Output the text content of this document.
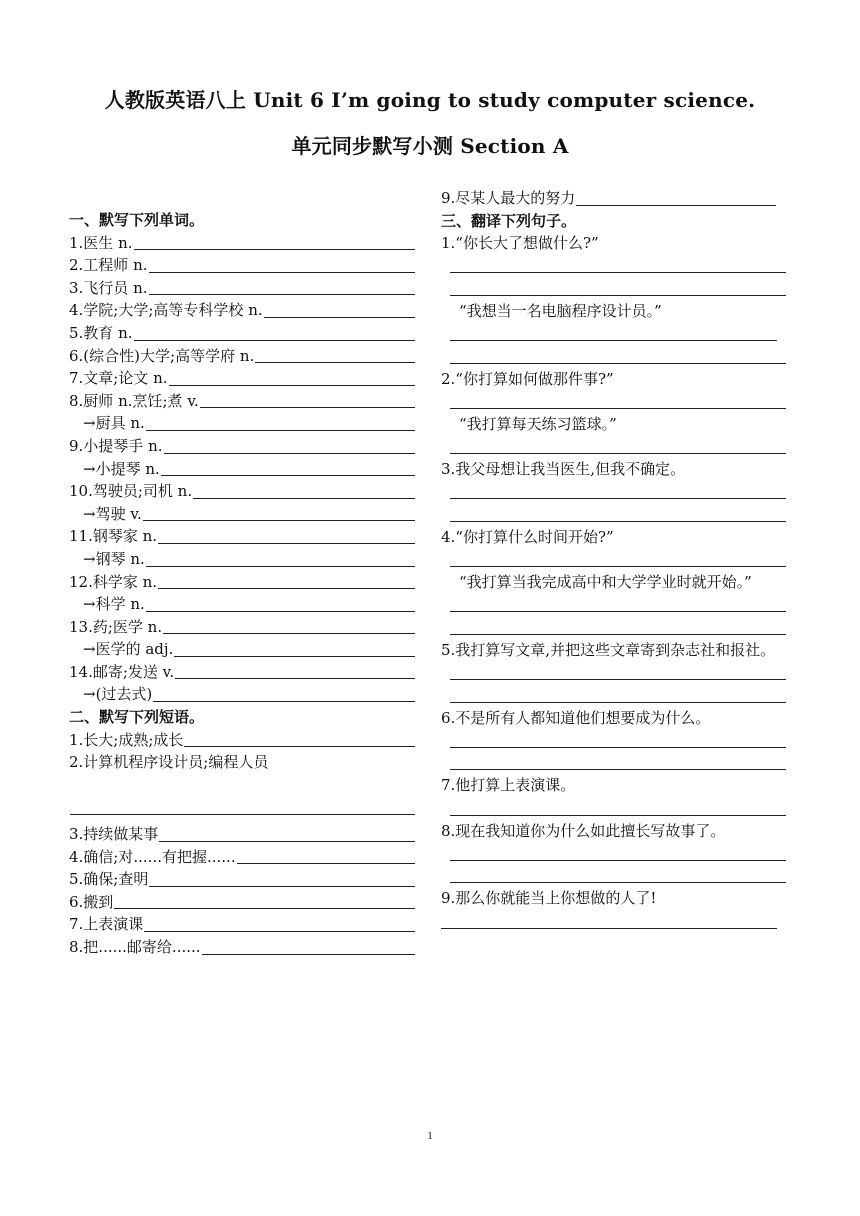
人教版英语八上 Unit 6 I’m going to study computer science.
单元同步默写小测 Section A
一、默写下列单词。
1.医生 n.
2.工程师 n.
3.飞行员 n.
4.学院;大学;高等专科学校 n.
5.教育 n.
6.(综合性)大学;高等学府 n.
7.文章;论文 n.
8.厨师 n.烹饪;煮 v.
→厨具 n.
9.小提琴手 n.
→小提琴 n.
10.驾驶员;司机 n.
→驾驶 v.
11.钢琴家 n.
→钢琴 n.
12.科学家 n.
→科学 n.
13.药;医学 n.
→医学的 adj.
14.邮寄;发送 v.
→(过去式)
二、默写下列短语。
1.长大;成熟;成长
2.计算机程序设计员;编程人员
3.持续做某事
4.确信;对......有把握......
5.确保;查明
6.搬到
7.上表演课
8.把......邮寄给......
9.尽某人最大的努力
三、翻译下列句子。
1.“你长大了想做什么?”
“我想当一名电脑程序设计员。”
2.“你打算如何做那件事?”
“我打算每天练习篮球。”
3.我父母想让我当医生,但我不确定。
4.“你打算什么时间开始?”
“我打算当我完成高中和大学学业时就开始。”
5.我打算写文章,并把这些文章寄到杂志社和报社。
6.不是所有人都知道他们想要成为什么。
7.他打算上表演课。
8.现在我知道你为什么如此擅长写故事了。
9.那么你就能当上你想做的人了!
1
